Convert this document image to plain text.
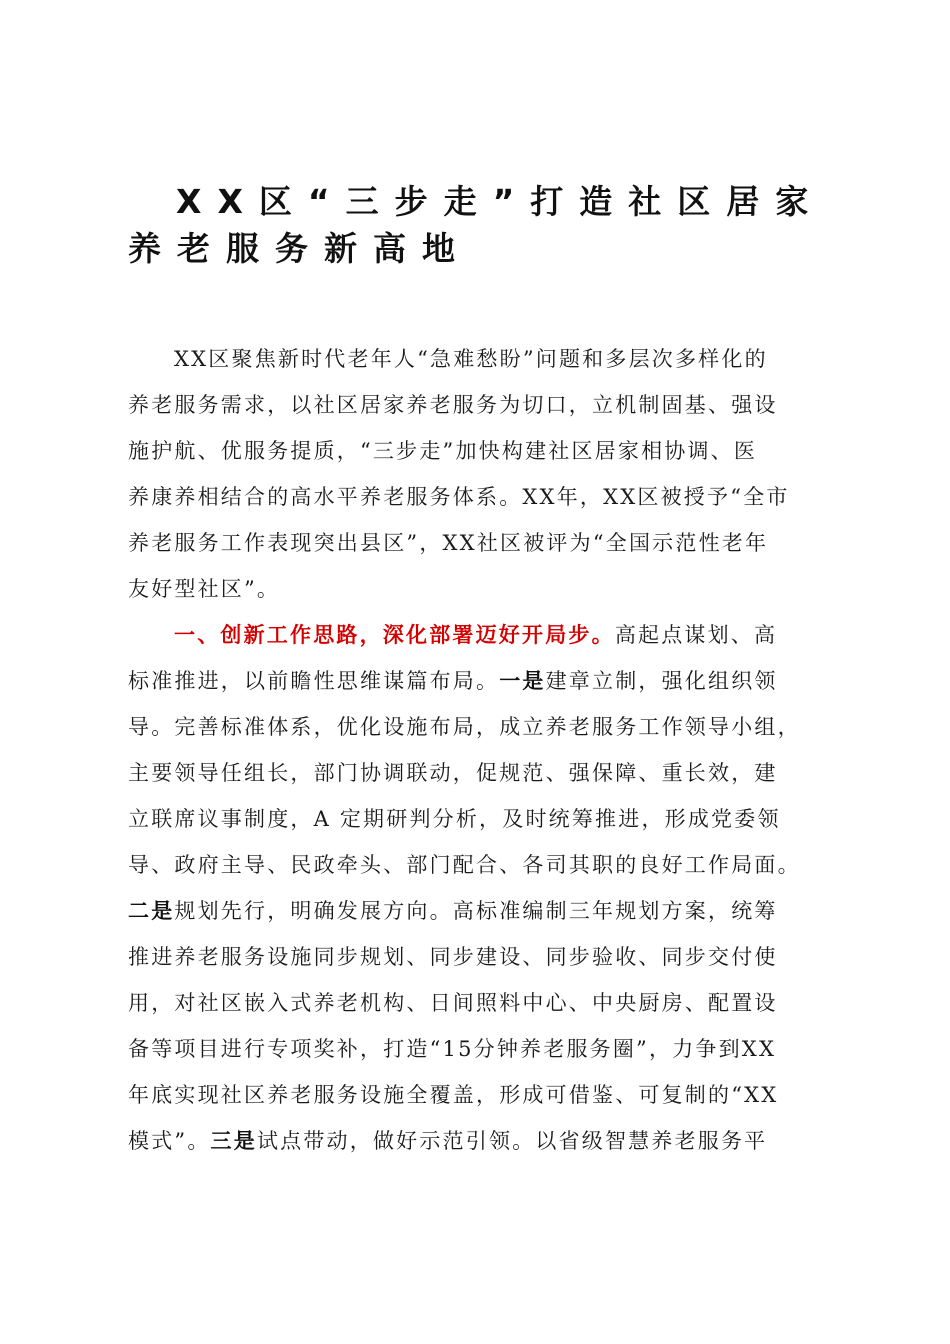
XX区“三步走”打造社区居家
养老服务新高地
XX区聚焦新时代老年人“急难愁盼”问题和多层次多样化的
养老服务需求，以社区居家养老服务为切口，立机制固基、强设
施护航、优服务提质，“三步走”加快构建社区居家相协调、医
养康养相结合的高水平养老服务体系。XX年，XX区被授予“全市
养老服务工作表现突出县区”，XX社区被评为“全国示范性老年
友好型社区”。
一、创新工作思路，深化部署迈好开局步。高起点谋划、高
标准推进，以前瞻性思维谋篇布局。一是建章立制，强化组织领
导。完善标准体系，优化设施布局，成立养老服务工作领导小组，
主要领导任组长，部门协调联动，促规范、强保障、重长效，建
立联席议事制度，A 定期研判分析，及时统筹推进，形成党委领
导、政府主导、民政牵头、部门配合、各司其职的良好工作局面。
二是规划先行，明确发展方向。高标准编制三年规划方案，统筹
推进养老服务设施同步规划、同步建设、同步验收、同步交付使
用，对社区嵌入式养老机构、日间照料中心、中央厨房、配置设
备等项目进行专项奖补，打造“15分钟养老服务圈”，力争到XX
年底实现社区养老服务设施全覆盖，形成可借鉴、可复制的“XX
模式”。三是试点带动，做好示范引领。以省级智慧养老服务平
